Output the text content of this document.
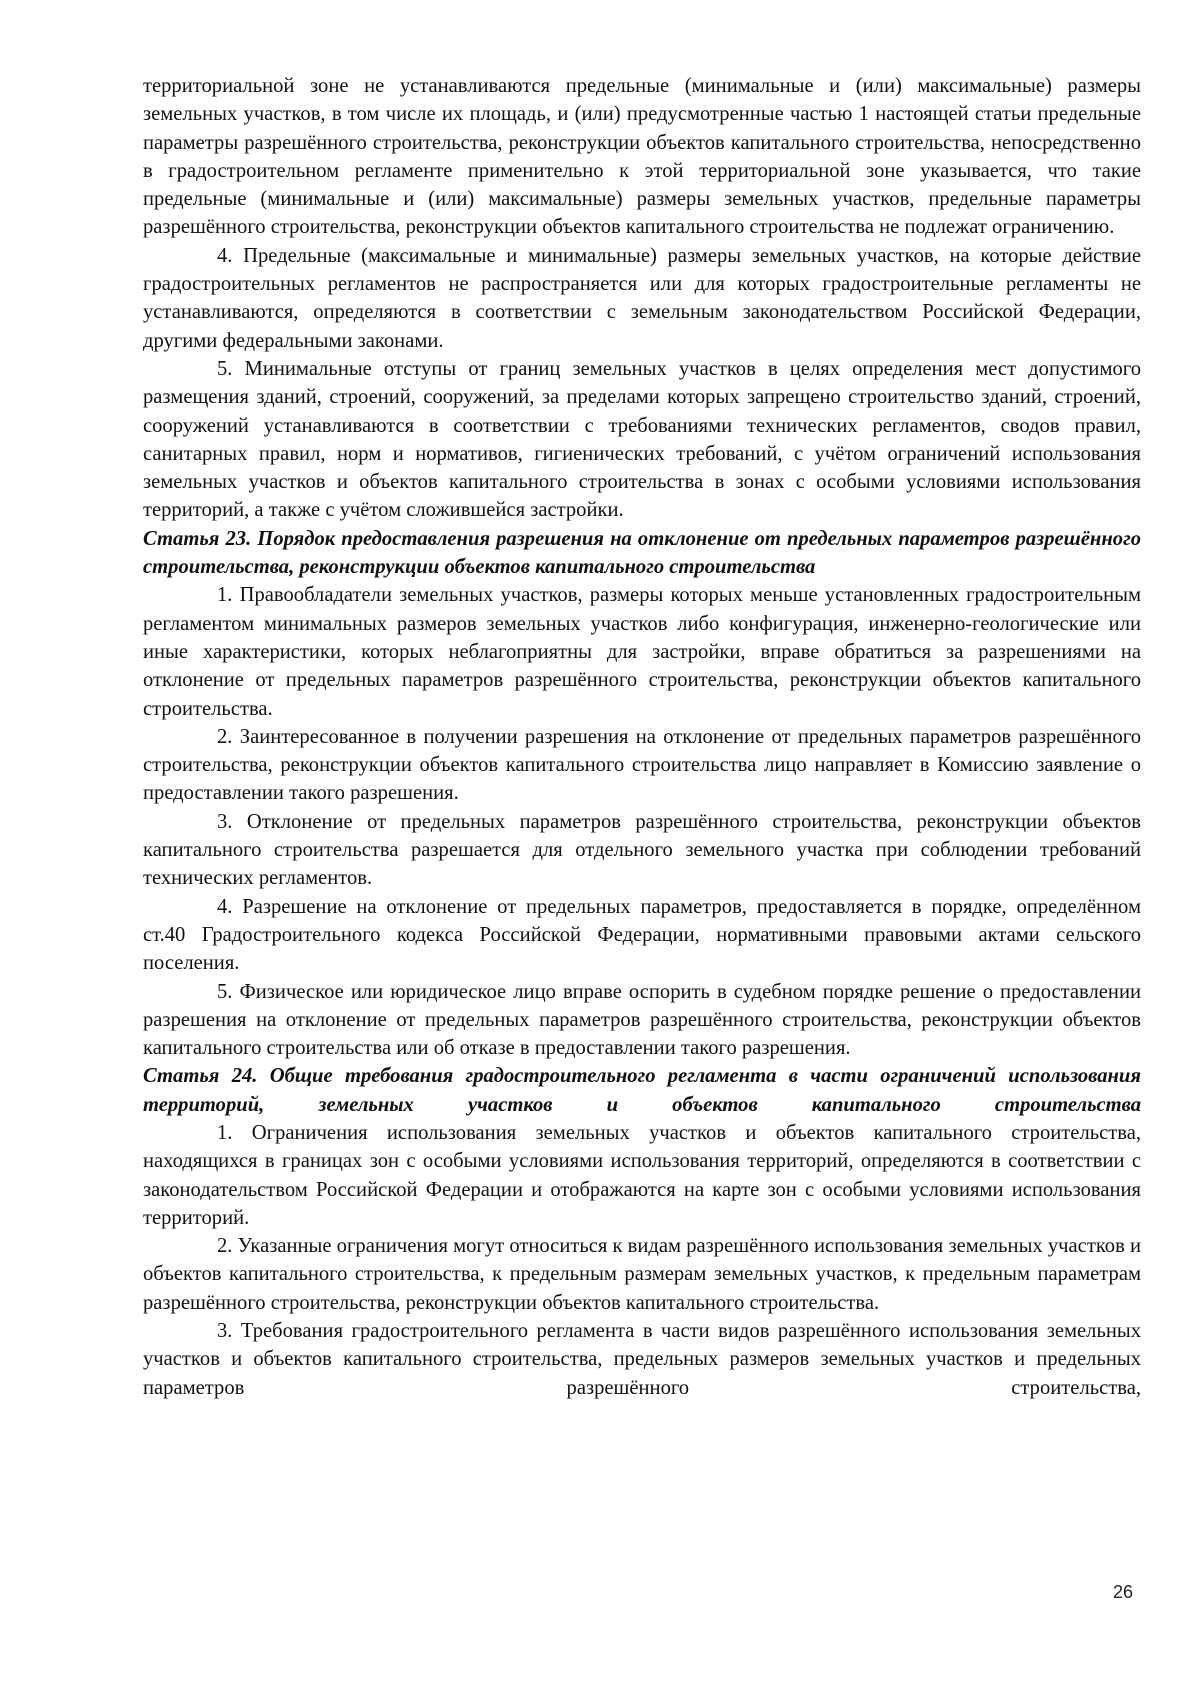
территориальной зоне не устанавливаются предельные (минимальные и (или) максимальные) размеры земельных участков, в том числе их площадь, и (или) предусмотренные частью 1 настоящей статьи предельные параметры разрешённого строительства, реконструкции объектов капитального строительства, непосредственно в градостроительном регламенте применительно к этой территориальной зоне указывается, что такие предельные (минимальные и (или) максимальные) размеры земельных участков, предельные параметры разрешённого строительства, реконструкции объектов капитального строительства не подлежат ограничению.

4. Предельные (максимальные и минимальные) размеры земельных участков, на которые действие градостроительных регламентов не распространяется или для которых градостроительные регламенты не устанавливаются, определяются в соответствии с земельным законодательством Российской Федерации, другими федеральными законами.

5. Минимальные отступы от границ земельных участков в целях определения мест допустимого размещения зданий, строений, сооружений, за пределами которых запрещено строительство зданий, строений, сооружений устанавливаются в соответствии с требованиями технических регламентов, сводов правил, санитарных правил, норм и нормативов, гигиенических требований, с учётом ограничений использования земельных участков и объектов капитального строительства в зонах с особыми условиями использования территорий, а также с учётом сложившейся застройки.

Статья 23. Порядок предоставления разрешения на отклонение от предельных параметров разрешённого строительства, реконструкции объектов капитального строительства

1. Правообладатели земельных участков, размеры которых меньше установленных градостроительным регламентом минимальных размеров земельных участков либо конфигурация, инженерно-геологические или иные характеристики, которых неблагоприятны для застройки, вправе обратиться за разрешениями на отклонение от предельных параметров разрешённого строительства, реконструкции объектов капитального строительства.

2. Заинтересованное в получении разрешения на отклонение от предельных параметров разрешённого строительства, реконструкции объектов капитального строительства лицо направляет в Комиссию заявление о предоставлении такого разрешения.

3. Отклонение от предельных параметров разрешённого строительства, реконструкции объектов капитального строительства разрешается для отдельного земельного участка при соблюдении требований технических регламентов.

4. Разрешение на отклонение от предельных параметров, предоставляется в порядке, определённом ст.40 Градостроительного кодекса Российской Федерации, нормативными правовыми актами сельского поселения.

5. Физическое или юридическое лицо вправе оспорить в судебном порядке решение о предоставлении разрешения на отклонение от предельных параметров разрешённого строительства, реконструкции объектов капитального строительства или об отказе в предоставлении такого разрешения.

Статья 24. Общие требования градостроительного регламента в части ограничений использования территорий, земельных участков и объектов капитального строительства

1. Ограничения использования земельных участков и объектов капитального строительства, находящихся в границах зон с особыми условиями использования территорий, определяются в соответствии с законодательством Российской Федерации и отображаются на карте зон с особыми условиями использования территорий.

2. Указанные ограничения могут относиться к видам разрешённого использования земельных участков и объектов капитального строительства, к предельным размерам земельных участков, к предельным параметрам разрешённого строительства, реконструкции объектов капитального строительства.

3. Требования градостроительного регламента в части видов разрешённого использования земельных участков и объектов капитального строительства, предельных размеров земельных участков и предельных параметров разрешённого строительства,

26
